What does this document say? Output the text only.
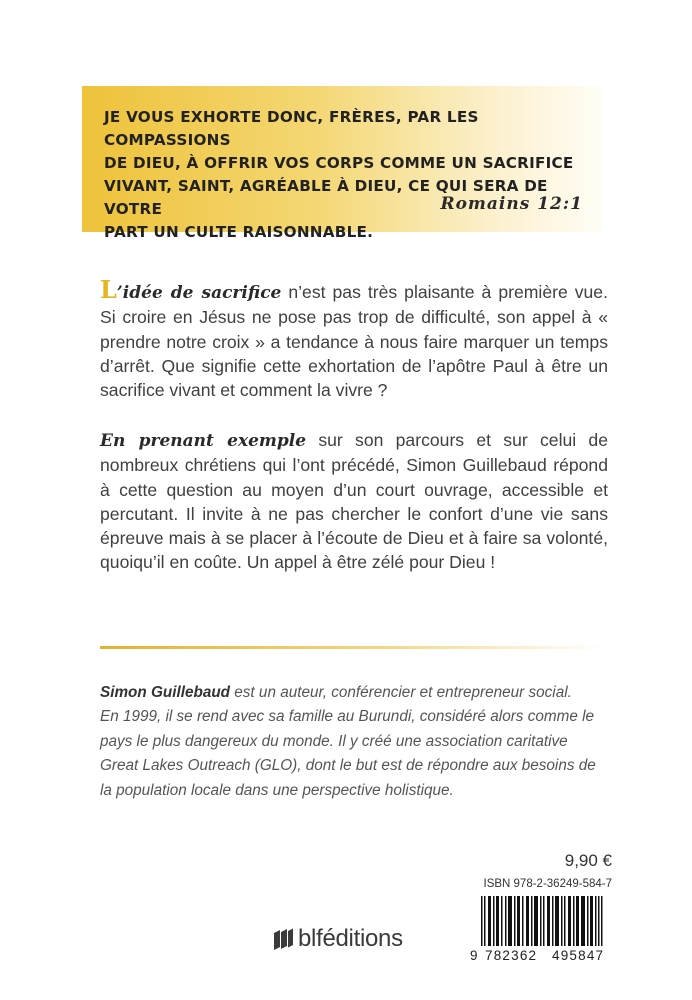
JE VOUS EXHORTE DONC, FRÈRES, PAR LES COMPASSIONS
DE DIEU, À OFFRIR VOS CORPS COMME UN SACRIFICE
VIVANT, SAINT, AGRÉABLE À DIEU, CE QUI SERA DE VOTRE
PART UN CULTE RAISONNABLE.

Romains 12:1

L’idée de sacrifice n’est pas très plaisante à première vue. Si croire en Jésus ne pose pas trop de difficulté, son appel à « prendre notre croix » a tendance à nous faire marquer un temps d’arrêt. Que signifie cette exhortation de l’apôtre Paul à être un sacrifice vivant et comment la vivre ?

En prenant exemple sur son parcours et sur celui de nombreux chrétiens qui l’ont précédé, Simon Guillebaud répond à cette question au moyen d’un court ouvrage, accessible et percutant. Il invite à ne pas chercher le confort d’une vie sans épreuve mais à se placer à l’écoute de Dieu et à faire sa volonté, quoiqu’il en coûte. Un appel à être zélé pour Dieu !

Simon Guillebaud est un auteur, conférencier et entrepreneur social.
En 1999, il se rend avec sa famille au Burundi, considéré alors comme le
pays le plus dangereux du monde. Il y créé une association caritative
Great Lakes Outreach (GLO), dont le but est de répondre aux besoins de
la population locale dans une perspective holistique.

9,90 €
ISBN 978-2-36249-584-7
9 782362 495847
blféditions
